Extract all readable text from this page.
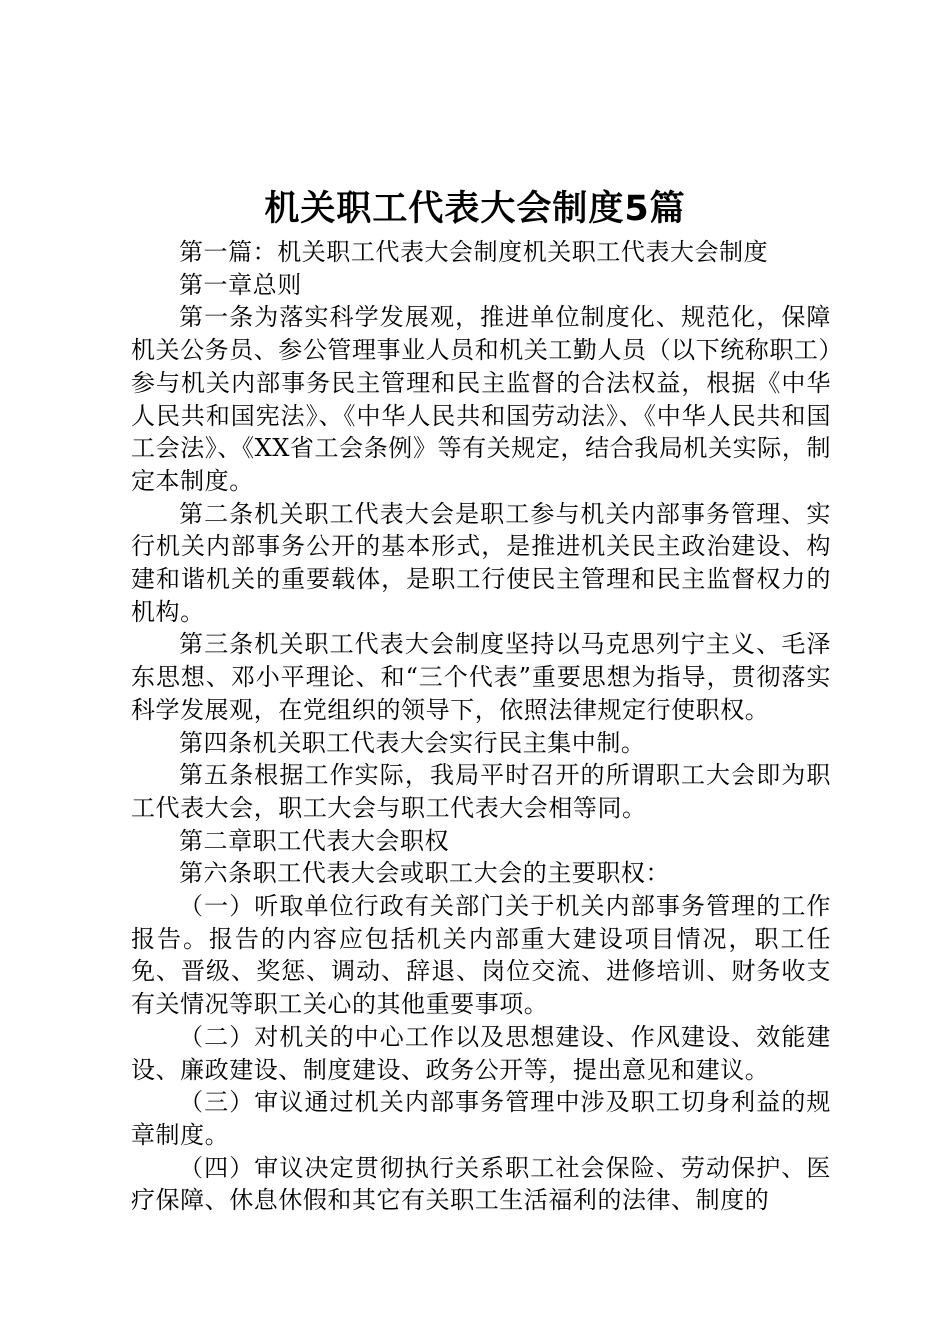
机关职工代表大会制度5篇

第一篇：机关职工代表大会制度机关职工代表大会制度

第一章总则

第一条为落实科学发展观，推进单位制度化、规范化，保障机关公务员、参公管理事业人员和机关工勤人员（以下统称职工）参与机关内部事务民主管理和民主监督的合法权益，根据《中华人民共和国宪法》、《中华人民共和国劳动法》、《中华人民共和国工会法》、《XX省工会条例》等有关规定，结合我局机关实际，制定本制度。

第二条机关职工代表大会是职工参与机关内部事务管理、实行机关内部事务公开的基本形式，是推进机关民主政治建设、构建和谐机关的重要载体，是职工行使民主管理和民主监督权力的机构。

第三条机关职工代表大会制度坚持以马克思列宁主义、毛泽东思想、邓小平理论、和“三个代表”重要思想为指导，贯彻落实科学发展观，在党组织的领导下，依照法律规定行使职权。

第四条机关职工代表大会实行民主集中制。

第五条根据工作实际，我局平时召开的所谓职工大会即为职工代表大会，职工大会与职工代表大会相等同。

第二章职工代表大会职权

第六条职工代表大会或职工大会的主要职权：

（一）听取单位行政有关部门关于机关内部事务管理的工作报告。报告的内容应包括机关内部重大建设项目情况，职工任免、晋级、奖惩、调动、辞退、岗位交流、进修培训、财务收支有关情况等职工关心的其他重要事项。

（二）对机关的中心工作以及思想建设、作风建设、效能建设、廉政建设、制度建设、政务公开等，提出意见和建议。

（三）审议通过机关内部事务管理中涉及职工切身利益的规章制度。

（四）审议决定贯彻执行关系职工社会保险、劳动保护、医疗保障、休息休假和其它有关职工生活福利的法律、制度的
